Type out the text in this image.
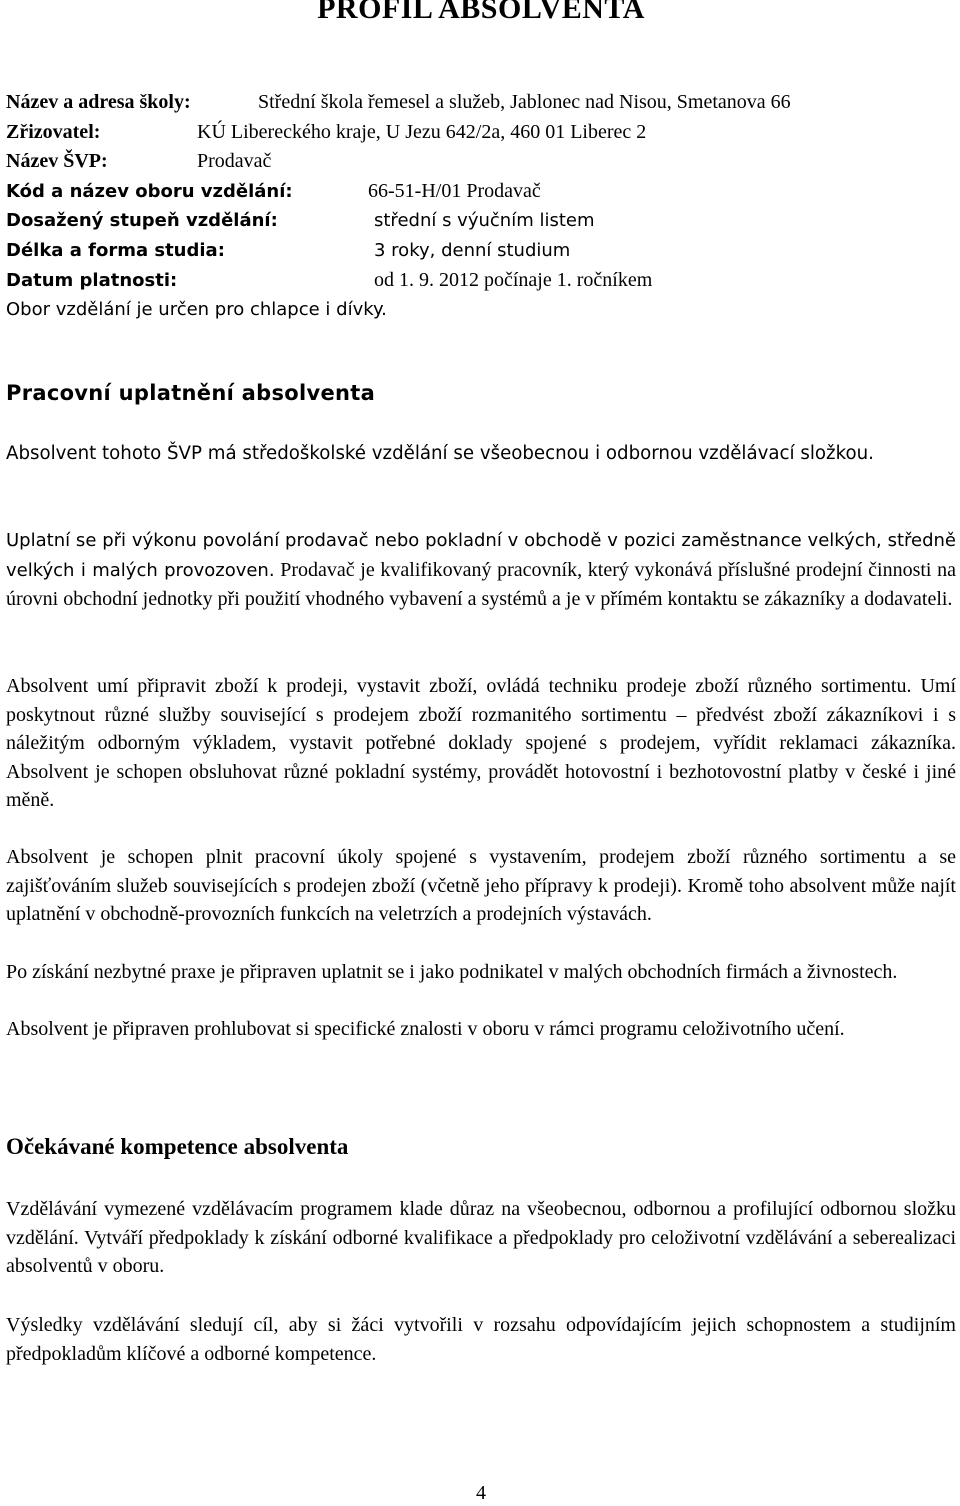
PROFIL ABSOLVENTA
Název a adresa školy:	Střední škola řemesel a služeb, Jablonec nad Nisou, Smetanova 66
Zřizovatel:	KÚ Libereckého kraje, U Jezu 642/2a, 460 01 Liberec 2
Název ŠVP:	Prodavač
Kód a název oboru vzdělání:	66-51-H/01 Prodavač
Dosažený stupeň vzdělání:	střední s výučním listem
Délka a forma studia:	3 roky, denní studium
Datum platnosti:	od 1. 9. 2012 počínaje 1. ročníkem
Obor vzdělání je určen pro chlapce i dívky.
Pracovní uplatnění absolventa

Absolvent tohoto ŠVP má středoškolské vzdělání se všeobecnou i odbornou vzdělávací složkou.

Uplatní se při výkonu povolání prodavač nebo pokladní v obchodě v pozici zaměstnance velkých, středně velkých i malých provozoven. Prodavač je kvalifikovaný pracovník, který vykonává příslušné prodejní činnosti na úrovni obchodní jednotky při použití vhodného vybavení a systémů a je v přímém kontaktu se zákazníky a dodavateli.

Absolvent umí připravit zboží k prodeji, vystavit zboží, ovládá techniku prodeje zboží různého sortimentu. Umí poskytnout různé služby související s prodejem zboží rozmanitého sortimentu – předvést zboží zákazníkovi i s náležitým odborným výkladem, vystavit potřebné doklady spojené s prodejem, vyřídit reklamaci zákazníka. Absolvent je schopen obsluhovat různé pokladní systémy, provádět hotovostní i bezhotovostní platby v české i jiné měně.

Absolvent je schopen plnit pracovní úkoly spojené s vystavením, prodejem zboží různého sortimentu a se zajišťováním služeb souvisejících s prodejen zboží (včetně jeho přípravy k prodeji). Kromě toho absolvent může najít uplatnění v obchodně-provozních funkcích na veletrzích a prodejních výstavách.

Po získání nezbytné praxe je připraven uplatnit se i jako podnikatel v malých obchodních firmách a živnostech.

Absolvent je připraven prohlubovat si specifické znalosti v oboru v rámci programu celoživotního učení.

Očekávané kompetence absolventa

Vzdělávání vymezené vzdělávacím programem klade důraz na všeobecnou, odbornou a profilující odbornou složku vzdělání. Vytváří předpoklady k získání odborné kvalifikace a předpoklady pro celoživotní vzdělávání a seberealizaci absolventů v oboru.

Výsledky vzdělávání sledují cíl, aby si žáci vytvořili v rozsahu odpovídajícím jejich schopnostem a studijním předpokladům klíčové a odborné kompetence.

4
